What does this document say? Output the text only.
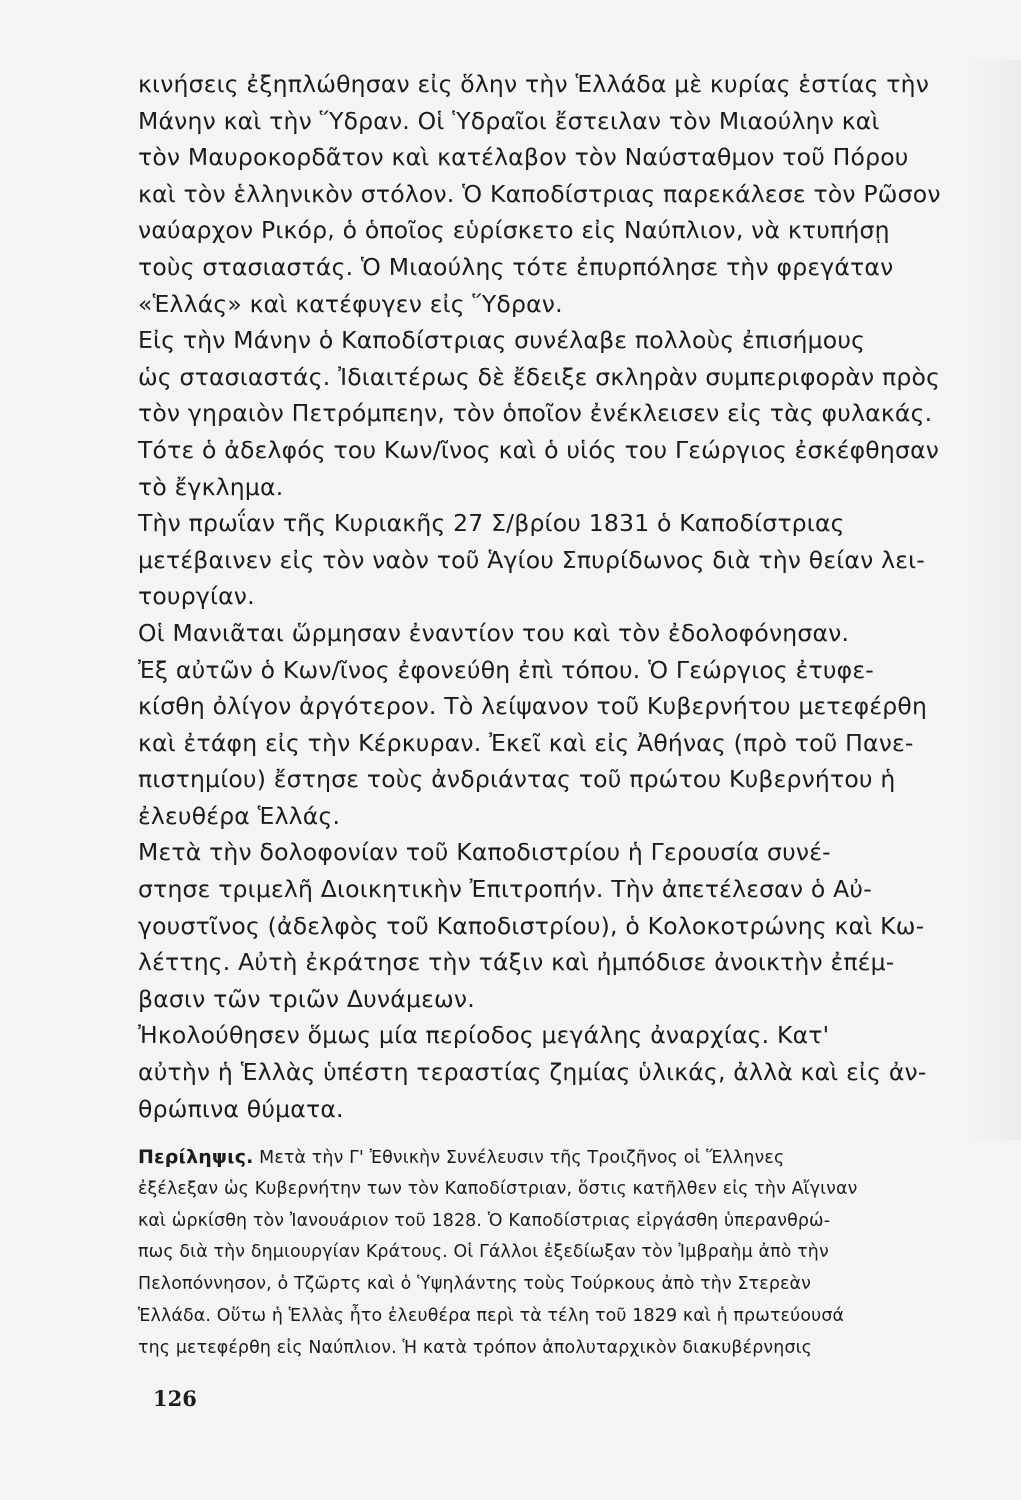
κινήσεις ἐξηπλώθησαν εἰς ὅλην τὴν Ἑλλάδα μὲ κυρίας ἑστίας τὴν
Μάνην καὶ τὴν Ὕδραν. Οἱ Ὑδραῖοι ἔστειλαν τὸν Μιαούλην καὶ
τὸν Μαυροκορδᾶτον καὶ κατέλαβον τὸν Ναύσταθμον τοῦ Πόρου
καὶ τὸν ἑλληνικὸν στόλον. Ὁ Καποδίστριας παρεκάλεσε τὸν Ρῶσον
ναύαρχον Ρικόρ, ὁ ὁποῖος εὑρίσκετο εἰς Ναύπλιον, νὰ κτυπήσῃ
τοὺς στασιαστάς. Ὁ Μιαούλης τότε ἐπυρπόλησε τὴν φρεγάταν
«Ἑλλάς» καὶ κατέφυγεν εἰς Ὕδραν.
Εἰς τὴν Μάνην ὁ Καποδίστριας συνέλαβε πολλοὺς ἐπισήμους
ὡς στασιαστάς. Ἰδιαιτέρως δὲ ἔδειξε σκληρὰν συμπεριφορὰν πρὸς
τὸν γηραιὸν Πετρόμπεην, τὸν ὁποῖον ἐνέκλεισεν εἰς τὰς φυλακάς.
Τότε ὁ ἀδελφός του Κων/ῖνος καὶ ὁ υἱός του Γεώργιος ἐσκέφθησαν
τὸ ἔγκλημα.
Τὴν πρωΐαν τῆς Κυριακῆς 27 Σ/βρίου 1831 ὁ Καποδίστριας
μετέβαινεν εἰς τὸν ναὸν τοῦ Ἁγίου Σπυρίδωνος διὰ τὴν θείαν λει-
τουργίαν.
Οἱ Μανιᾶται ὥρμησαν ἐναντίον του καὶ τὸν ἐδολοφόνησαν.
Ἐξ αὐτῶν ὁ Κων/ῖνος ἐφονεύθη ἐπὶ τόπου. Ὁ Γεώργιος ἐτυφε-
κίσθη ὀλίγον ἀργότερον. Τὸ λείψανον τοῦ Κυβερνήτου μετεφέρθη
καὶ ἐτάφη εἰς τὴν Κέρκυραν. Ἐκεῖ καὶ εἰς Ἀθήνας (πρὸ τοῦ Πανε-
πιστημίου) ἔστησε τοὺς ἀνδριάντας τοῦ πρώτου Κυβερνήτου ἡ
ἐλευθέρα Ἑλλάς.
Μετὰ τὴν δολοφονίαν τοῦ Καποδιστρίου ἡ Γερουσία συνέ-
στησε τριμελῆ Διοικητικὴν Ἐπιτροπήν. Τὴν ἀπετέλεσαν ὁ Αὐ-
γουστῖνος (ἀδελφὸς τοῦ Καποδιστρίου), ὁ Κολοκοτρώνης καὶ Κω-
λέττης. Αὐτὴ ἐκράτησε τὴν τάξιν καὶ ἠμπόδισε ἀνοικτὴν ἐπέμ-
βασιν τῶν τριῶν Δυνάμεων.
Ἠκολούθησεν ὅμως μία περίοδος μεγάλης ἀναρχίας. Κατ'
αὐτὴν ἡ Ἑλλὰς ὑπέστη τεραστίας ζημίας ὑλικάς, ἀλλὰ καὶ εἰς ἀν-
θρώπινα θύματα.
Περίληψις. Μετὰ τὴν Γ' Ἐθνικὴν Συνέλευσιν τῆς Τροιζῆνος οἱ Ἕλληνες
ἐξέλεξαν ὡς Κυβερνήτην των τὸν Καποδίστριαν, ὅστις κατῆλθεν εἰς τὴν Αἴγιναν
καὶ ὡρκίσθη τὸν Ἰανουάριον τοῦ 1828. Ὁ Καποδίστριας εἰργάσθη ὑπερανθρώ-
πως διὰ τὴν δημιουργίαν Κράτους. Οἱ Γάλλοι ἐξεδίωξαν τὸν Ἰμβραὴμ ἀπὸ τὴν
Πελοπόννησον, ὁ Τζῶρτς καὶ ὁ Ὑψηλάντης τοὺς Τούρκους ἀπὸ τὴν Στερεὰν
Ἑλλάδα. Οὕτω ἡ Ἑλλὰς ἦτο ἐλευθέρα περὶ τὰ τέλη τοῦ 1829 καὶ ἡ πρωτεύουσά
της μετεφέρθη εἰς Ναύπλιον. Ἡ κατὰ τρόπον ἀπολυταρχικὸν διακυβέρνησις
126
